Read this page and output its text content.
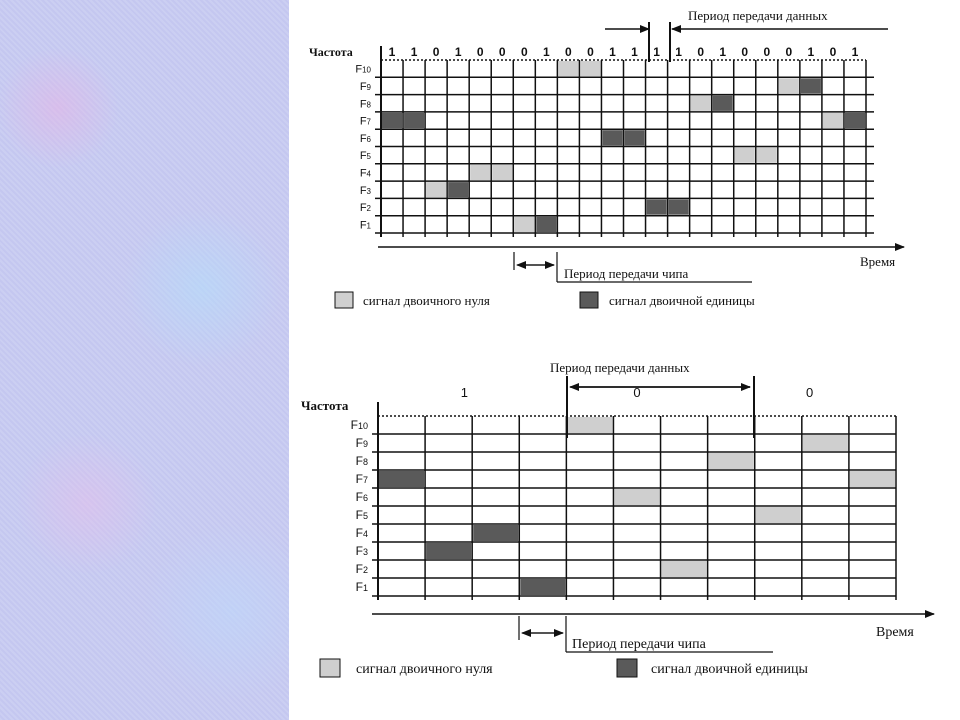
1 1 0 1 0 0 0 1 0 0 1 1 1 1 0 1 0 0 0 1 0 1
F10
F9
F8
F7
F6
F5
F4
F3
F2
F1
Частота
Период передачи данных
Время
Период передачи чипа
сигнал двоичного нуля	сигнал двоичной единицы
1	0	0
F10
F9
F8
F7
F6
F5
F4
F3
F2
F1
Частота
Период передачи данных
Время
Период передачи чипа
сигнал двоичного нуля	сигнал двоичной единицы
